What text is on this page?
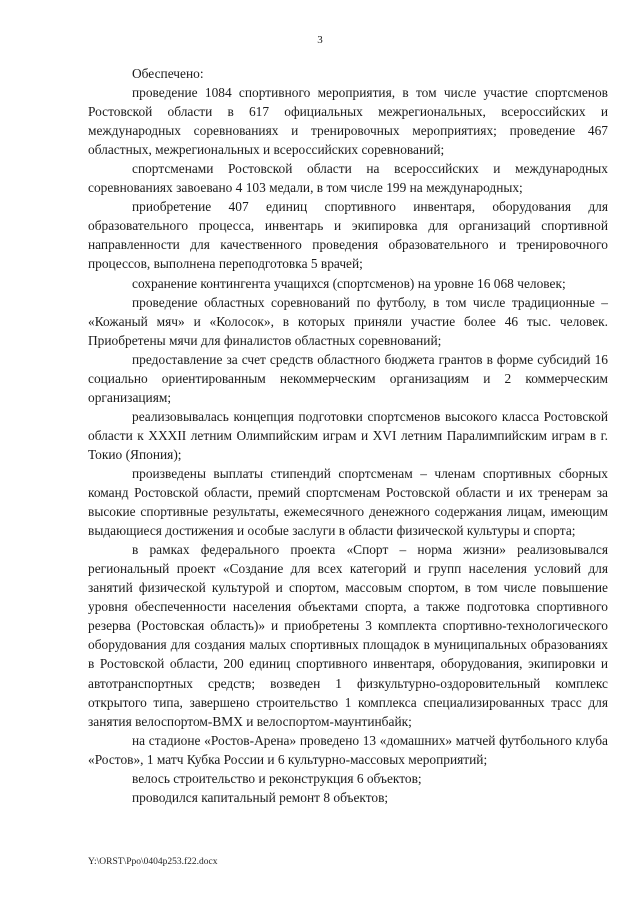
3

Обеспечено:

проведение 1084 спортивного мероприятия, в том числе участие спортсменов Ростовской области в 617 официальных межрегиональных, всероссийских и международных соревнованиях и тренировочных мероприятиях; проведение 467 областных, межрегиональных и всероссийских соревнований;

спортсменами Ростовской области на всероссийских и международных соревнованиях завоевано 4 103 медали, в том числе 199 на международных;

приобретение 407 единиц спортивного инвентаря, оборудования для образовательного процесса, инвентарь и экипировка для организаций спортивной направленности для качественного проведения образовательного и тренировочного процессов, выполнена переподготовка 5 врачей;

сохранение контингента учащихся (спортсменов) на уровне 16 068 человек;

проведение областных соревнований по футболу, в том числе традиционные – «Кожаный мяч» и «Колосок», в которых приняли участие более 46 тыс. человек. Приобретены мячи для финалистов областных соревнований;

предоставление за счет средств областного бюджета грантов в форме субсидий 16 социально ориентированным некоммерческим организациям и 2 коммерческим организациям;

реализовывалась концепция подготовки спортсменов высокого класса Ростовской области к XXXII летним Олимпийским играм и XVI летним Паралимпийским играм в г. Токио (Япония);

произведены выплаты стипендий спортсменам – членам спортивных сборных команд Ростовской области, премий спортсменам Ростовской области и их тренерам за высокие спортивные результаты, ежемесячного денежного содержания лицам, имеющим выдающиеся достижения и особые заслуги в области физической культуры и спорта;

в рамках федерального проекта «Спорт – норма жизни» реализовывался региональный проект «Создание для всех категорий и групп населения условий для занятий физической культурой и спортом, массовым спортом, в том числе повышение уровня обеспеченности населения объектами спорта, а также подготовка спортивного резерва (Ростовская область)» и приобретены 3 комплекта спортивно-технологического оборудования для создания малых спортивных площадок в муниципальных образованиях в Ростовской области, 200 единиц спортивного инвентаря, оборудования, экипировки и автотранспортных средств; возведен 1 физкультурно-оздоровительный комплекс открытого типа, завершено строительство 1 комплекса специализированных трасс для занятия велоспортом-BMX и велоспортом-маунтинбайк;

на стадионе «Ростов-Арена» проведено 13 «домашних» матчей футбольного клуба «Ростов», 1 матч Кубка России и 6 культурно-массовых мероприятий;

велось строительство и реконструкция 6 объектов;

проводился капитальный ремонт 8 объектов;

Y:\ORST\Ppo\0404p253.f22.docx
